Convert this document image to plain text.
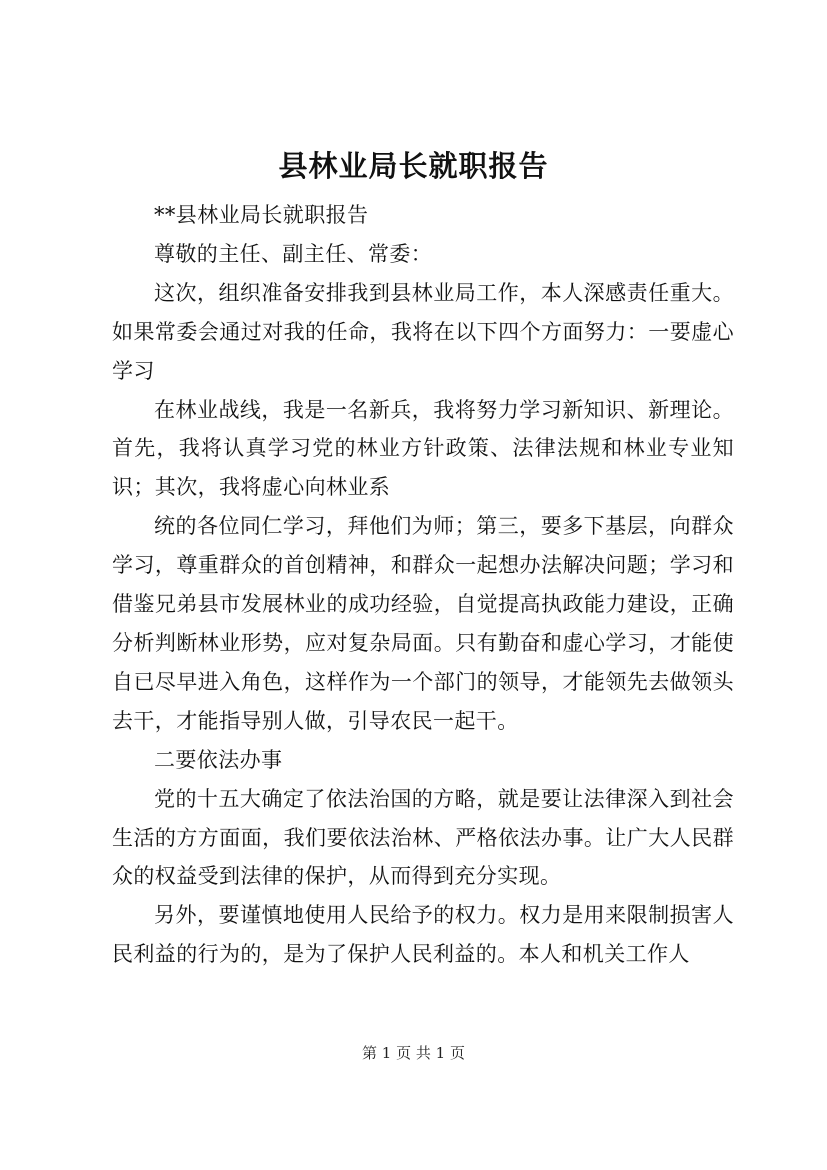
县林业局长就职报告

**县林业局长就职报告

尊敬的主任、副主任、常委：

这次，组织准备安排我到县林业局工作，本人深感责任重大。如果常委会通过对我的任命，我将在以下四个方面努力：一要虚心学习

在林业战线，我是一名新兵，我将努力学习新知识、新理论。首先，我将认真学习党的林业方针政策、法律法规和林业专业知识；其次，我将虚心向林业系

统的各位同仁学习，拜他们为师；第三，要多下基层，向群众学习，尊重群众的首创精神，和群众一起想办法解决问题；学习和借鉴兄弟县市发展林业的成功经验，自觉提高执政能力建设，正确分析判断林业形势，应对复杂局面。只有勤奋和虚心学习，才能使自已尽早进入角色，这样作为一个部门的领导，才能领先去做领头去干，才能指导别人做，引导农民一起干。

二要依法办事

党的十五大确定了依法治国的方略，就是要让法律深入到社会生活的方方面面，我们要依法治林、严格依法办事。让广大人民群众的权益受到法律的保护，从而得到充分实现。

另外，要谨慎地使用人民给予的权力。权力是用来限制损害人民利益的行为的，是为了保护人民利益的。本人和机关工作人

第 1 页 共 1 页
